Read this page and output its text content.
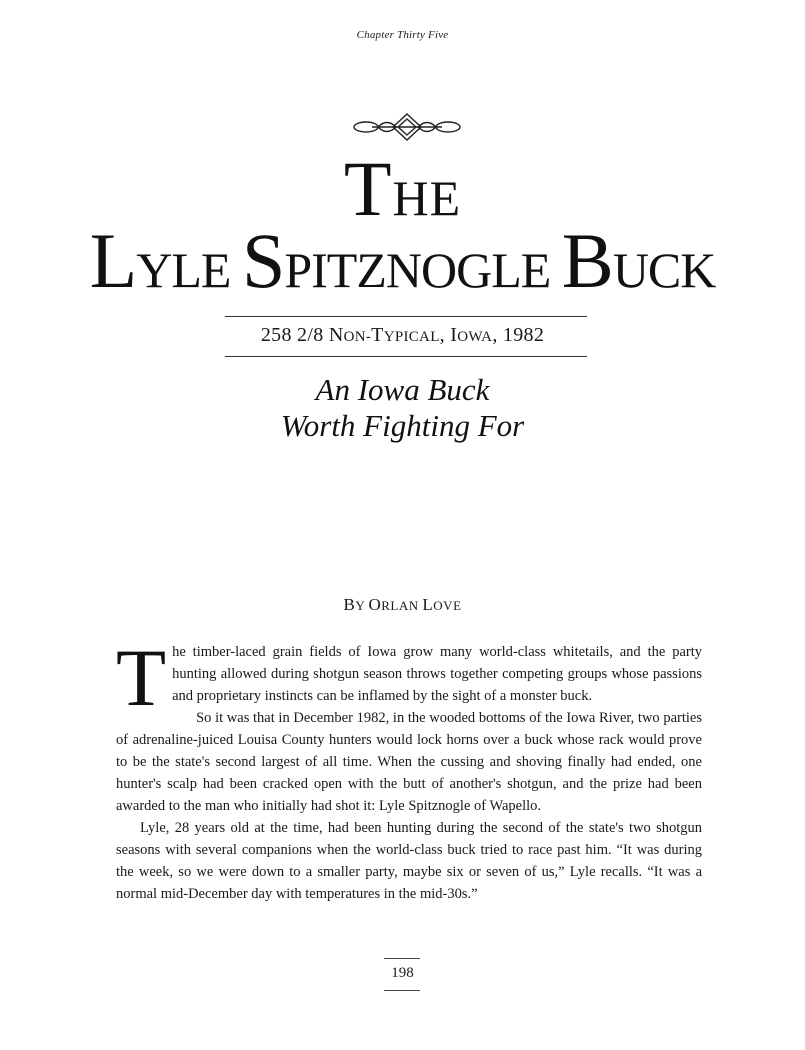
Chapter Thirty Five
THE
LYLE SPITZNOGLE BUCK
258 2/8 NON-TYPICAL, IOWA, 1982
An Iowa Buck
Worth Fighting For
BY ORLAN LOVE

The timber-laced grain fields of Iowa grow many world-class whitetails, and the party hunting allowed during shotgun season throws together competing groups whose passions and proprietary instincts can be inflamed by the sight of a monster buck.

So it was that in December 1982, in the wooded bottoms of the Iowa River, two parties of adrenaline-juiced Louisa County hunters would lock horns over a buck whose rack would prove to be the state's second largest of all time. When the cussing and shoving finally had ended, one hunter's scalp had been cracked open with the butt of another's shotgun, and the prize had been awarded to the man who initially had shot it: Lyle Spitznogle of Wapello.

Lyle, 28 years old at the time, had been hunting during the second of the state's two shotgun seasons with several companions when the world-class buck tried to race past him. “It was during the week, so we were down to a smaller party, maybe six or seven of us,” Lyle recalls. “It was a normal mid-December day with temperatures in the mid-30s.”

198
